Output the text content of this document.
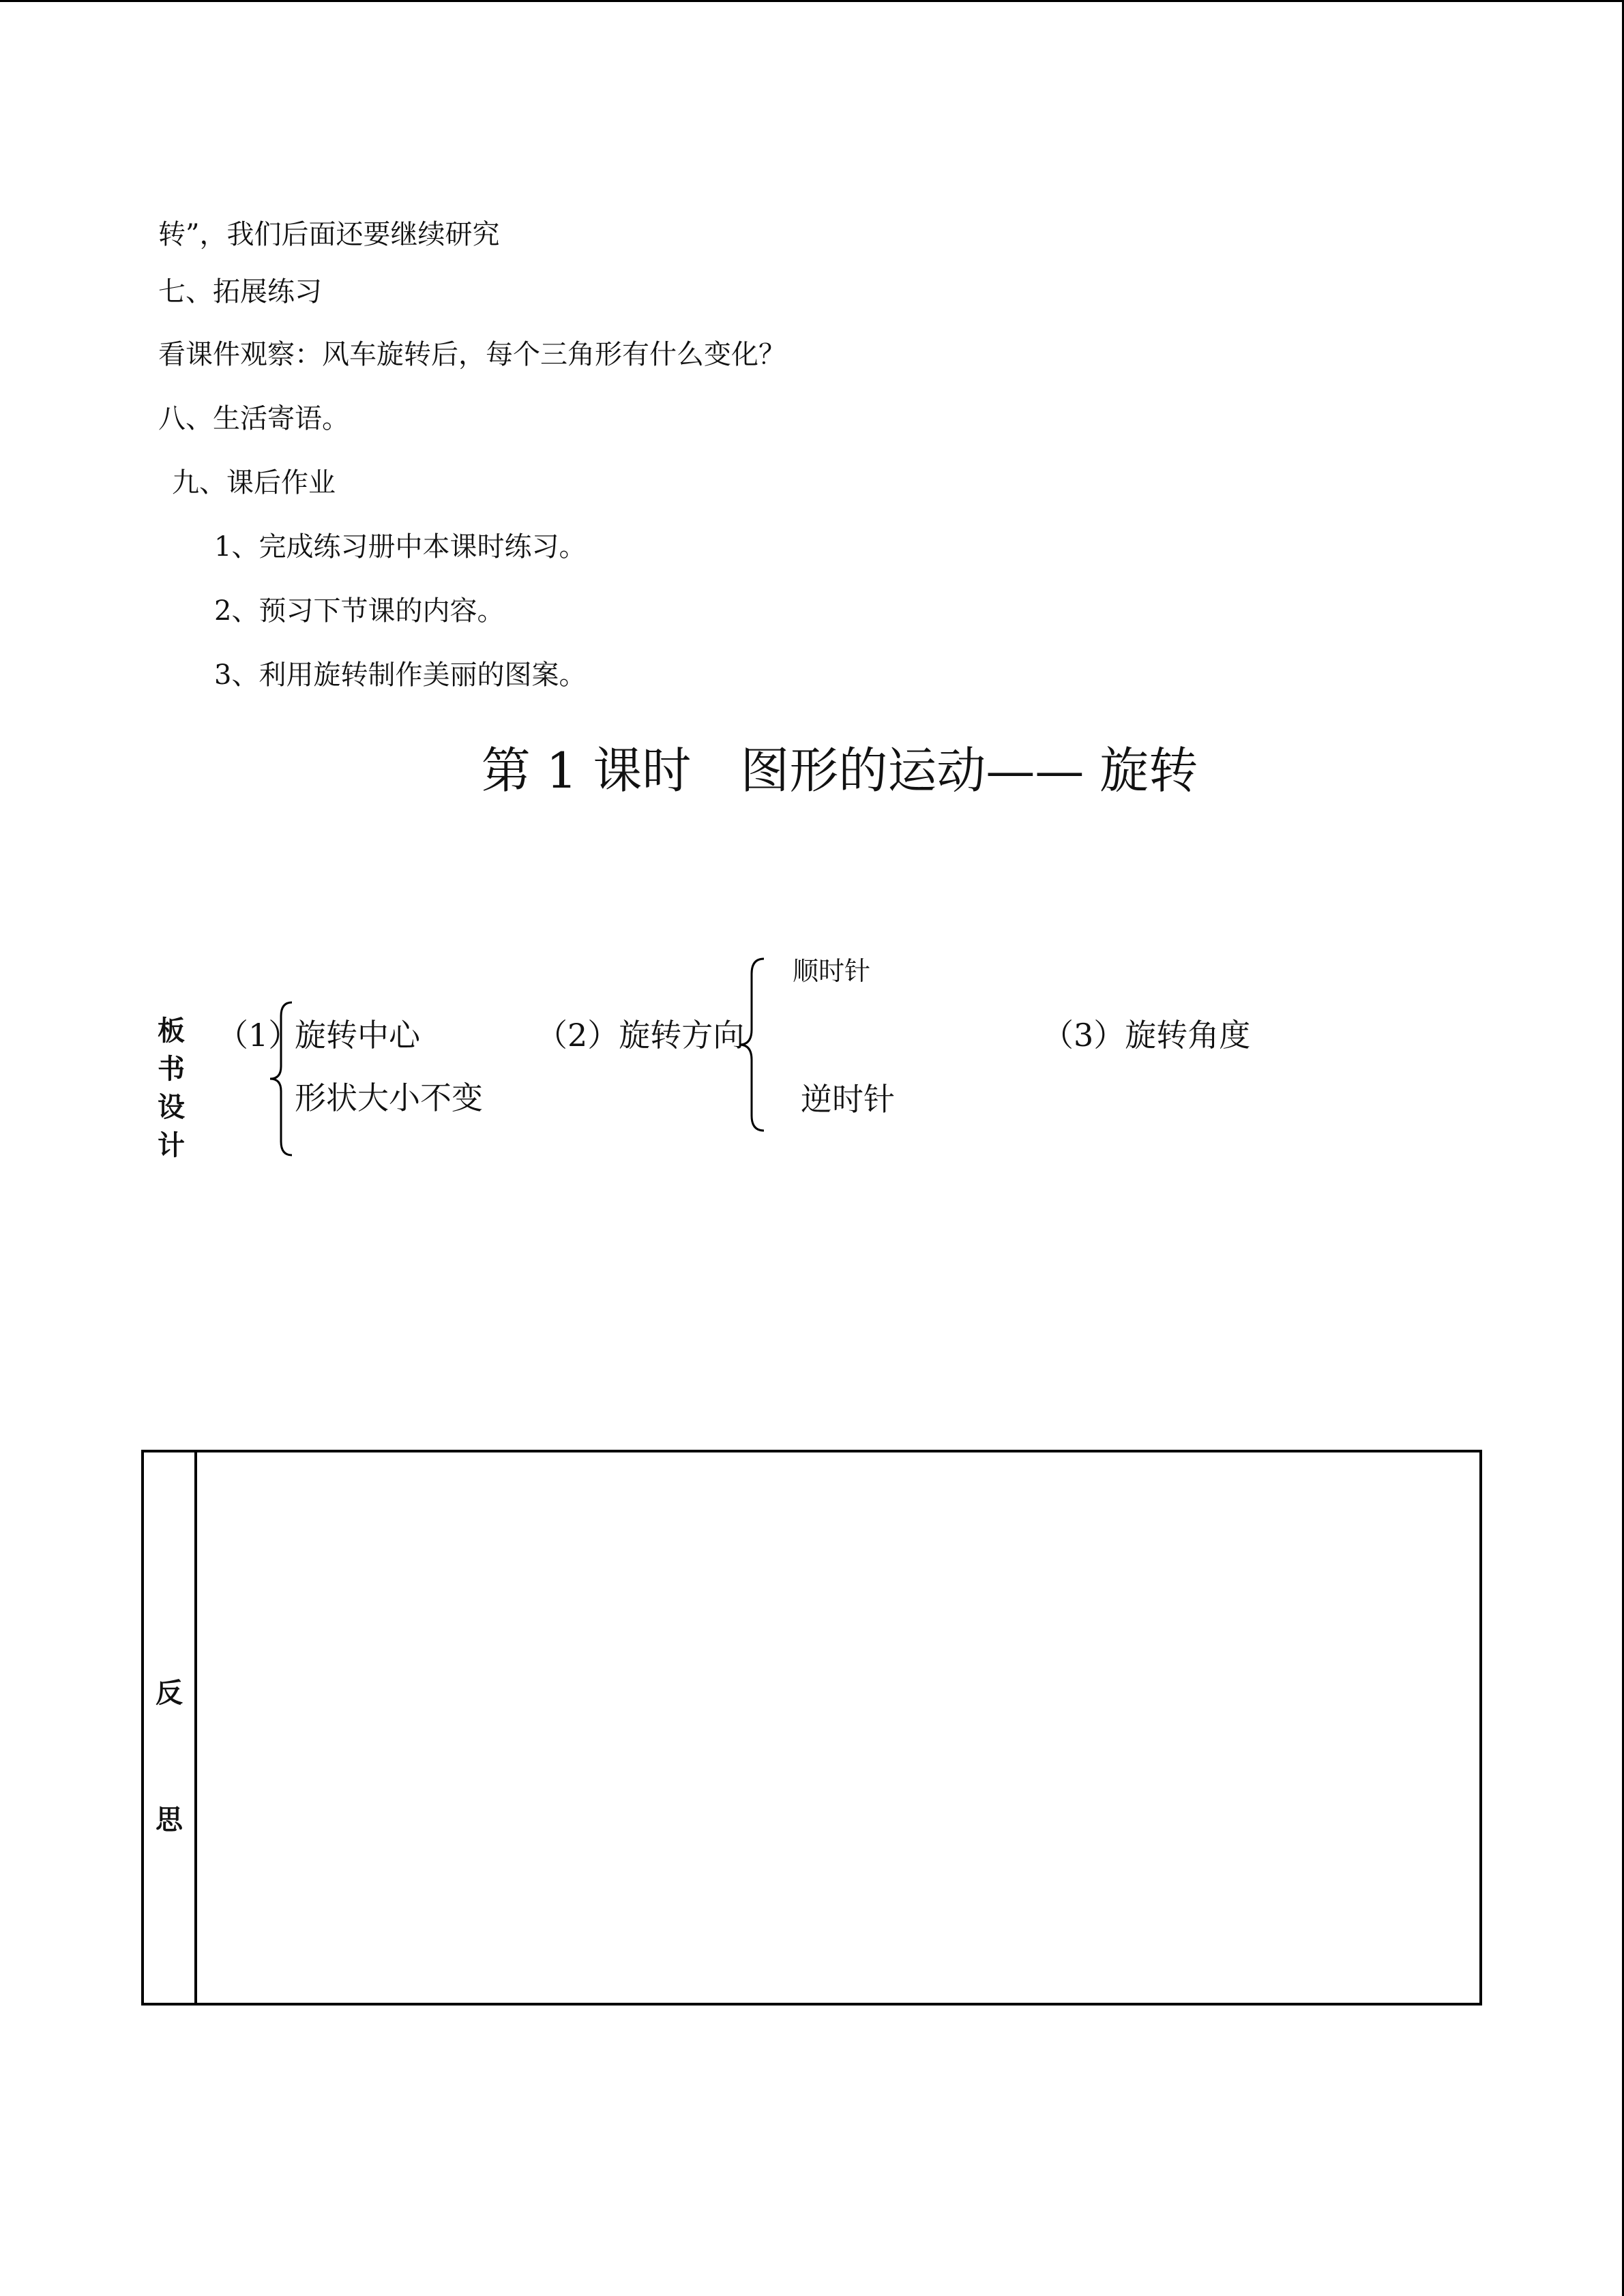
转”，我们后面还要继续研究
七、拓展练习
看课件观察：风车旋转后，每个三角形有什么变化？
八、生活寄语。
九、课后作业
1、完成练习册中本课时练习。
2、预习下节课的内容。
3、利用旋转制作美丽的图案。
第 1 课时　图形的运动—— 旋转
板
书
设
计
（1）
旋转中心
形状大小不变
（2）旋转方向
顺时针
逆时针
（3）旋转角度
反
思
